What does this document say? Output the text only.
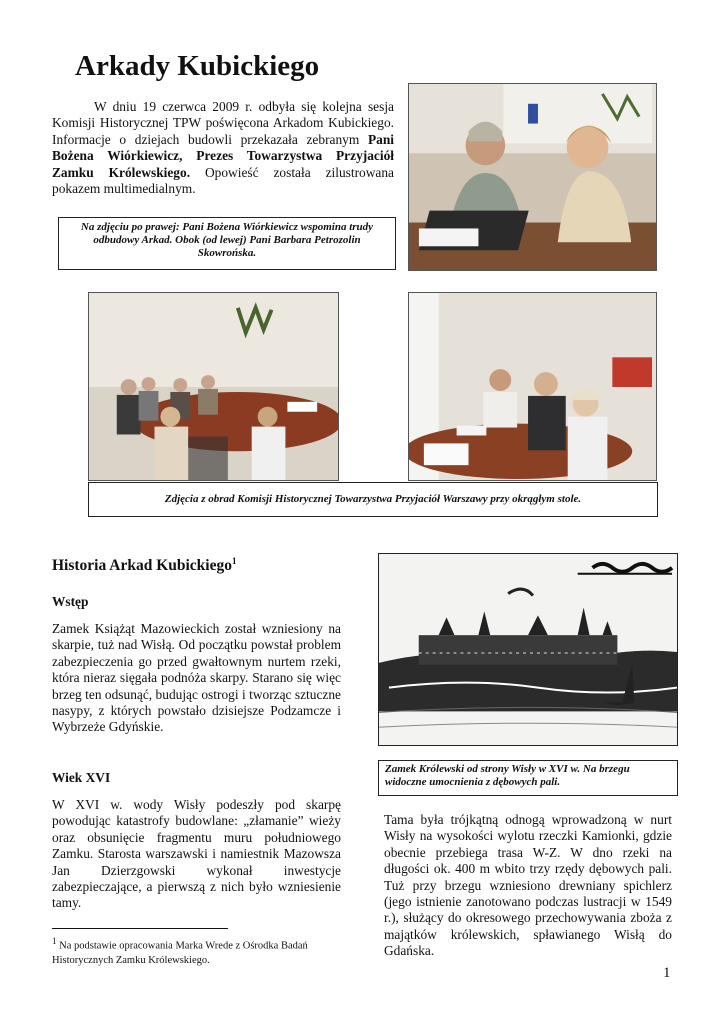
Arkady Kubickiego

W dniu 19 czerwca 2009 r. odbyła się kolejna sesja Komisji Historycznej TPW poświęcona Arkadom Kubickiego. Informacje o dziejach budowli przekazała zebranym Pani Bożena Wiórkiewicz, Prezes Towarzystwa Przyjaciół Zamku Królewskiego. Opowieść została zilustrowana pokazem multimedialnym.

Na zdjęciu po prawej: Pani Bożena Wiórkiewicz wspomina trudy odbudowy Arkad. Obok (od lewej) Pani Barbara Petrozolin Skowrońska.
Zdjęcia z obrad Komisji Historycznej Towarzystwa Przyjaciół Warszawy przy okrągłym stole.
Historia Arkad Kubickiego$^1$
Wstęp

Zamek Książąt Mazowieckich został wzniesiony na skarpie, tuż nad Wisłą. Od początku powstał problem zabezpieczenia go przed gwałtownym nurtem rzeki, która nieraz sięgała podnóża skarpy. Starano się więc brzeg ten odsunąć, budując ostrogi i tworząc sztuczne nasypy, z których powstało dzisiejsze Podzamcze i Wybrzeże Gdyńskie.

Wiek XVI

W XVI w. wody Wisły podeszły pod skarpę powodując katastrofy budowlane: „złamanie” wieży oraz obsunięcie fragmentu muru południowego Zamku. Starosta warszawski i namiestnik Mazowsza Jan Dzierzgowski wykonał inwestycje zabezpieczające, a pierwszą z nich było wzniesienie tamy.

$^1$ Na podstawie opracowania Marka Wrede z Ośrodka Badań Historycznych Zamku Królewskiego.
Zamek Królewski od strony Wisły w XVI w. Na brzegu widoczne umocnienia z dębowych pali.

Tama była trójkątną odnogą wprowadzoną w nurt Wisły na wysokości wylotu rzeczki Kamionki, gdzie obecnie przebiega trasa W-Z. W dno rzeki na długości ok. 400 m wbito trzy rzędy dębowych pali. Tuż przy brzegu wzniesiono drewniany spichlerz (jego istnienie zanotowano podczas lustracji w 1549 r.), służący do okresowego przechowywania zboża z majątków królewskich, spławianego Wisłą do Gdańska.

1
